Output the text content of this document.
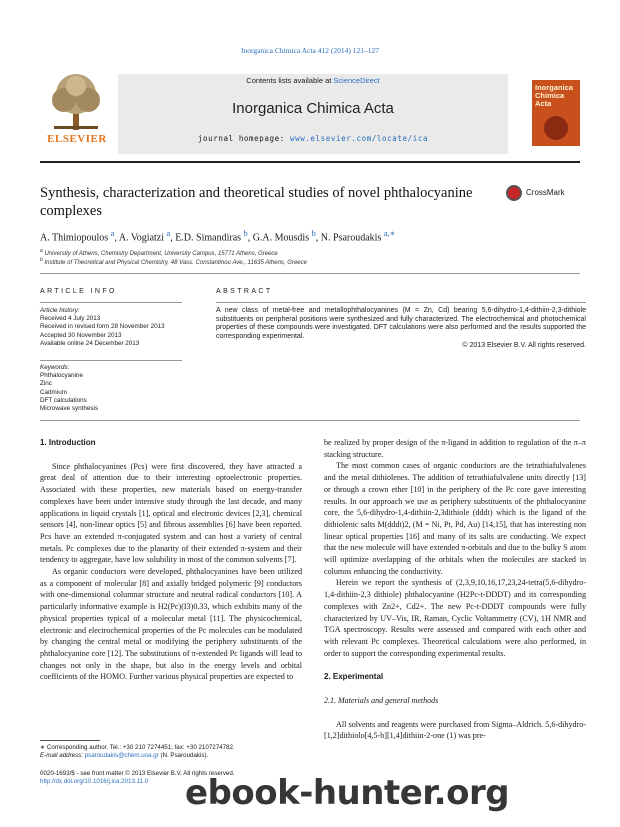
Inorganica Chimica Acta 412 (2014) 121–127
ELSEVIER
Contents lists available at ScienceDirect
Inorganica Chimica Acta
journal homepage: www.elsevier.com/locate/ica
Inorganica Chimica Acta
Synthesis, characterization and theoretical studies of novel phthalocyanine complexes
CrossMark
A. Thimiopoulos $^a$, A. Vogiatzi $^a$, E.D. Simandiras $^b$, G.A. Mousdis $^b$, N. Psaroudakis $^{a,∗}$
$^a$ University of Athens, Chemistry Department, University Campus, 15771 Athens, Greece
$^b$ Institute of Theoretical and Physical Chemistry, 48 Vass. Constantinou Ave., 11635 Athens, Greece
ARTICLE INFO	ABSTRACT
Article history:
Received 4 July 2013
Received in revised form 28 November 2013
Accepted 30 November 2013
Available online 24 December 2013
Keywords:
Phthalocyanine
Zinc
Cadmium
DFT calculations
Microwave synthesis
A new class of metal-free and metallophthalocyanines (M = Zn, Cd) bearing 5,6-dihydro-1,4-dithiin-2,3-dithiole substituents on peripheral positions were synthesized and fully characterized. The electrochemical and photochemical properties of these compounds were investigated. DFT calculations were also performed and the results supported the corresponding experimental.
© 2013 Elsevier B.V. All rights reserved.

1. Introduction

Since phthalocyanines (Pcs) were first discovered, they have attracted a great deal of attention due to their interesting optoelectronic properties. Associated with these properties, new materials based on energy-transfer complexes have been under intensive study through the last decade, and many applications in liquid crystals [1], optical and electronic devices [2,3], chemical sensors [4], non-linear optics [5] and fibrous assemblies [6] have been reported. Pcs have an extended π-conjugated system and can host a variety of central metals. Pc complexes due to the planarity of their extended π-system and their tendency to aggregate, have low solubility in most of the common solvents [7].

As organic conductors were developed, phthalocyanines have been utilized as a component of molecular [8] and axially bridged polymeric [9] conductors with one-dimensional columnar structure and neutral radical conductors [10]. A particularly informative example is H2(Pc)(I3)0.33, which exhibits many of the physical properties typical of a molecular metal [11]. The physicochemical, electronic and electrochemical properties of the Pc molecules can be modulated by changing the central metal or modifying the periphery substituents of the phthalocyanine core [12]. The substitutions of π-extended Pc ligands will lead to changes not only in the shape, but also in the energy levels and orbital coefficients of the HOMO. Further various physical properties are expected to

be realized by proper design of the π-ligand in addition to regulation of the π–π stacking structure.

The most common cases of organic conductors are the tetrathiafulvalenes and the metal dithiolenes. The addition of tetrathiafulvalene units directly [13] or through a crown ether [10] in the periphery of the Pc core gave interesting results. In our approach we use as periphery substituents of the phthalocyanine core, the 5,6-dihydro-1,4-dithiin-2,3dithiole (dddt) which is the ligand of the dithiolenic salts M(dddt)2, (M = Ni, Pt, Pd, Au) [14,15], that has interesting non linear optical properties [16] and many of its salts are conducting. We expect that the new molecule will have extended π-orbitals and due to the bulky S atom will optimize overlapping of the orbitals when the molecules are stacked in columns enhancing the conductivity.

Herein we report the synthesis of (2,3,9,10,16,17,23,24-tetra(5,6-dihydro-1,4-dithiin-2,3 dithiole) phthalocyanine (H2Pc-t-DDDT) and its corresponding complexes with Zn2+, Cd2+. The new Pc-t-DDDT compounds were fully characterized by UV–Vis, IR, Raman, Cyclic Voltammetry (CV), 1H NMR and TGA spectroscopy. Results were assessed and compared with each other and with relevant Pc complexes. Theoretical calculations were also performed, in order to support the corresponding experimental results.

2. Experimental

2.1. Materials and general methods

All solvents and reagents were purchased from Sigma–Aldrich. 5,6-dihydro-[1,2]dithiolo[4,5-b][1,4]dithiin-2-one (1) was pre-

∗ Corresponding author. Tel.: +30 210 7274451; fax: +30 2107274782.
E-mail address: psaroudakis@chem.uoa.gr (N. Psaroudakis).
0020-1693/$ - see front matter © 2013 Elsevier B.V. All rights reserved.
http://dx.doi.org/10.1016/j.ica.2013.11.0	ebook-hunter.org
